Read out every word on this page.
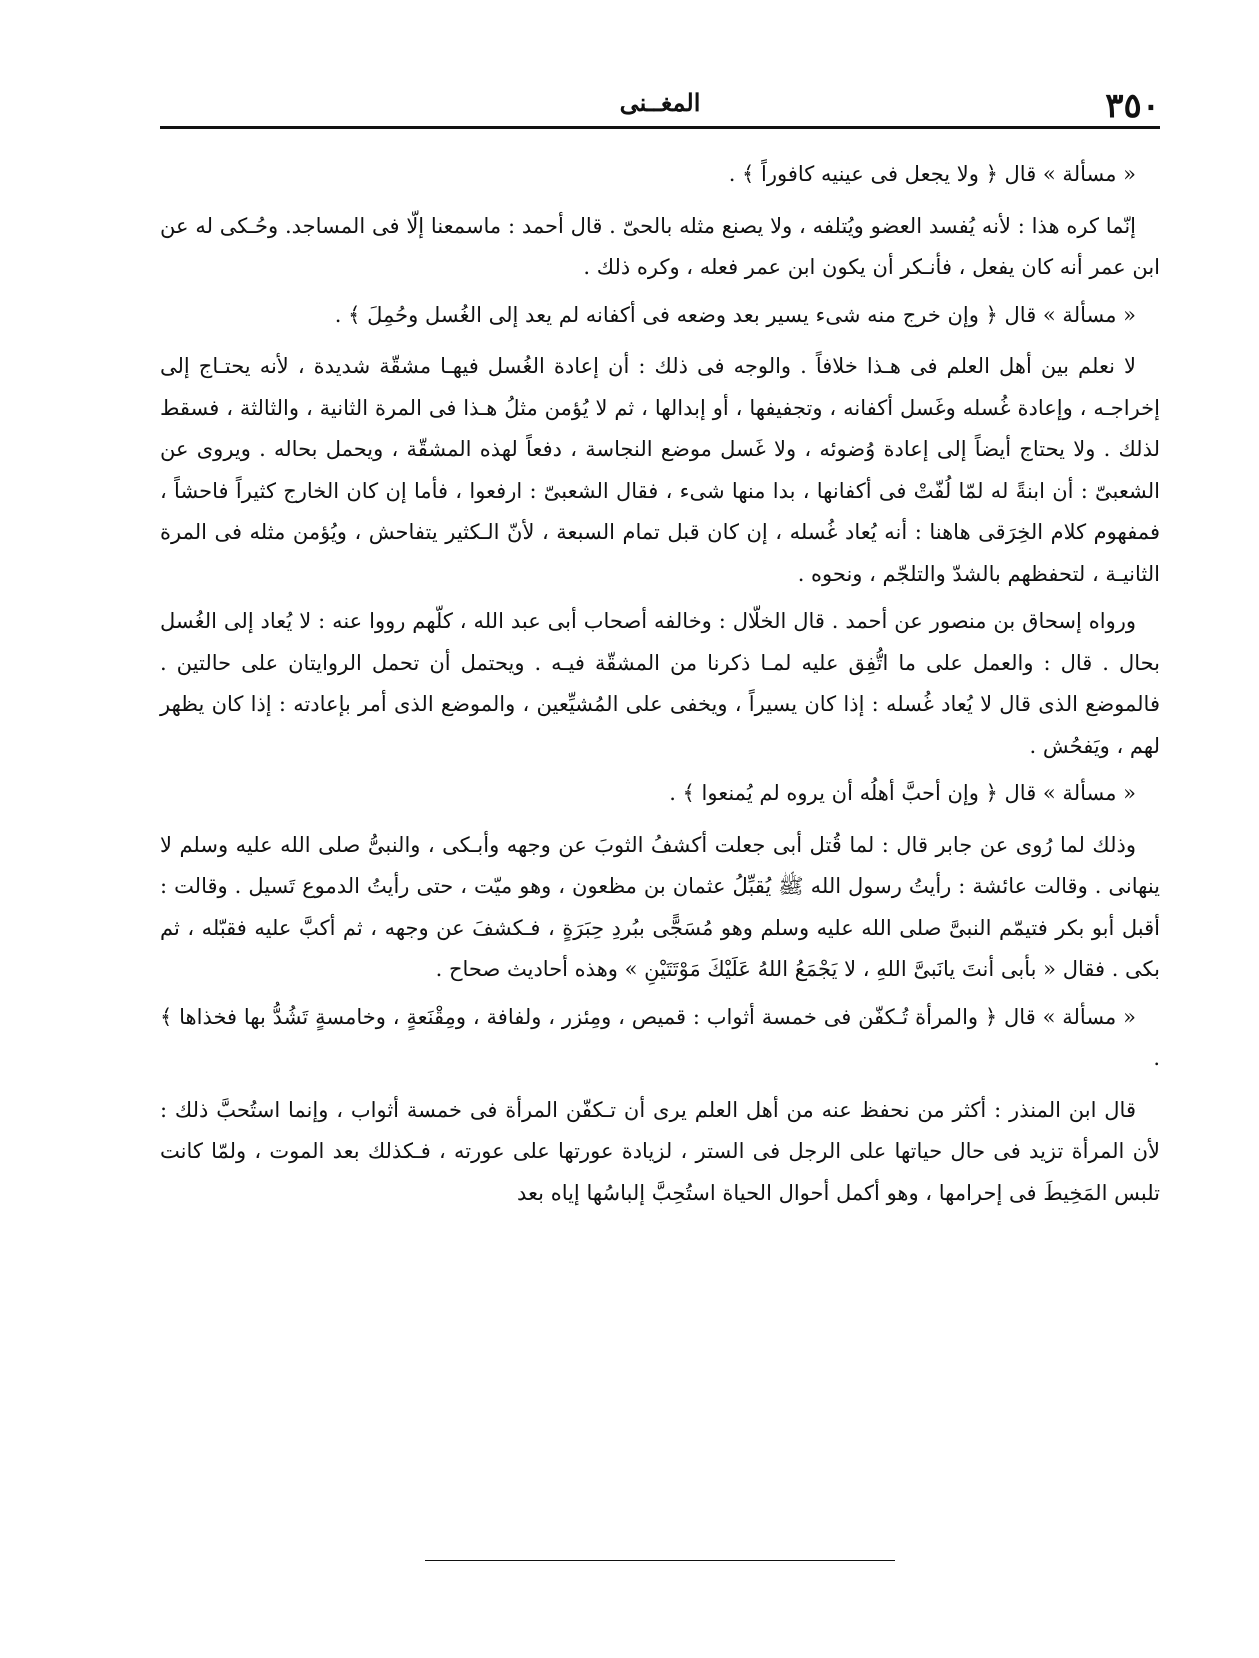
٣٥٠
المغــنى

« مسألة » قال ﴿ ولا يجعل فى عينيه كافوراً ﴾ .

إنّما كره هذا : لأنه يُفسد العضو ويُتلفه ، ولا يصنع مثله بالحىّ . قال أحمد : ماسمعنا إلّا فى المساجد. وحُـكى له عن ابن عمر أنه كان يفعل ، فأنـكر أن يكون ابن عمر فعله ، وكره ذلك .

« مسألة » قال ﴿ وإن خرج منه شىء يسير بعد وضعه فى أكفانه لم يعد إلى الغُسل وحُمِلَ ﴾ .

لا نعلم بين أهل العلم فى هـذا خلافاً . والوجه فى ذلك : أن إعادة الغُسل فيهـا مشقّة شديدة ، لأنه يحتـاج إلى إخراجـه ، وإعادة غُسله وغَسل أكفانه ، وتجفيفها ، أو إبدالها ، ثم لا يُؤمن مثلُ هـذا فى المرة الثانية ، والثالثة ، فسقط لذلك . ولا يحتاج أيضاً إلى إعادة وُضوئه ، ولا غَسل موضع النجاسة ، دفعاً لهذه المشقّة ، ويحمل بحاله . ويروى عن الشعبىّ : أن ابنةً له لمّا لُفّتْ فى أكفانها ، بدا منها شىء ، فقال الشعبىّ : ارفعوا ، فأما إن كان الخارج كثيراً فاحشاً ، فمفهوم كلام الخِرَقى هاهنا : أنه يُعاد غُسله ، إن كان قبل تمام السبعة ، لأنّ الـكثير يتفاحش ، ويُؤمن مثله فى المرة الثانيـة ، لتحفظهم بالشدّ والتلجّم ، ونحوه .

ورواه إسحاق بن منصور عن أحمد . قال الخلّال : وخالفه أصحاب أبى عبد الله ، كلّهم رووا عنه : لا يُعاد إلى الغُسل بحال . قال : والعمل على ما اتُّفِق عليه لمـا ذكرنا من المشقّة فيـه . ويحتمل أن تحمل الروايتان على حالتين . فالموضع الذى قال لا يُعاد غُسله : إذا كان يسيراً ، ويخفى على المُشيِّعين ، والموضع الذى أمر بإعادته : إذا كان يظهر لهم ، ويَفحُش .

« مسألة » قال ﴿ وإن أحبَّ أهلُه أن يروه لم يُمنعوا ﴾ .

وذلك لما رُوى عن جابر قال : لما قُتل أبى جعلت أكشفُ الثوبَ عن وجهه وأبـكى ، والنبىُّ صلى الله عليه وسلم لا ينهانى . وقالت عائشة : رأيتُ رسول الله ﷺ يُقبِّلُ عثمان بن مظعون ، وهو ميّت ، حتى رأيتُ الدموع تَسيل . وقالت : أقبل أبو بكر فتيمّم النبىَّ صلى الله عليه وسلم وهو مُسَجًّى ببُردِ حِبَرَةٍ ، فـكشفَ عن وجهه ، ثم أكبَّ عليه فقبّله ، ثم بكى . فقال « بأبى أنتَ يانَبىَّ اللهِ ، لا يَجْمَعُ اللهُ عَلَيْكَ مَوْتَتَيْنِ » وهذه أحاديث صحاح .

« مسألة » قال ﴿ والمرأة تُـكفّن فى خمسة أثواب : قميص ، ومِئزر ، ولفافة ، ومِقْنَعةٍ ، وخامسةٍ تَشُدُّ بها فخذاها ﴾ .

قال ابن المنذر : أكثر من نحفظ عنه من أهل العلم يرى أن تـكفّن المرأة فى خمسة أثواب ، وإنما استُحبَّ ذلك : لأن المرأة تزيد فى حال حياتها على الرجل فى الستر ، لزيادة عورتها على عورته ، فـكذلك بعد الموت ، ولمّا كانت تلبس المَخِيطَ فى إحرامها ، وهو أكمل أحوال الحياة استُحِبَّ إلباسُها إياه بعد
